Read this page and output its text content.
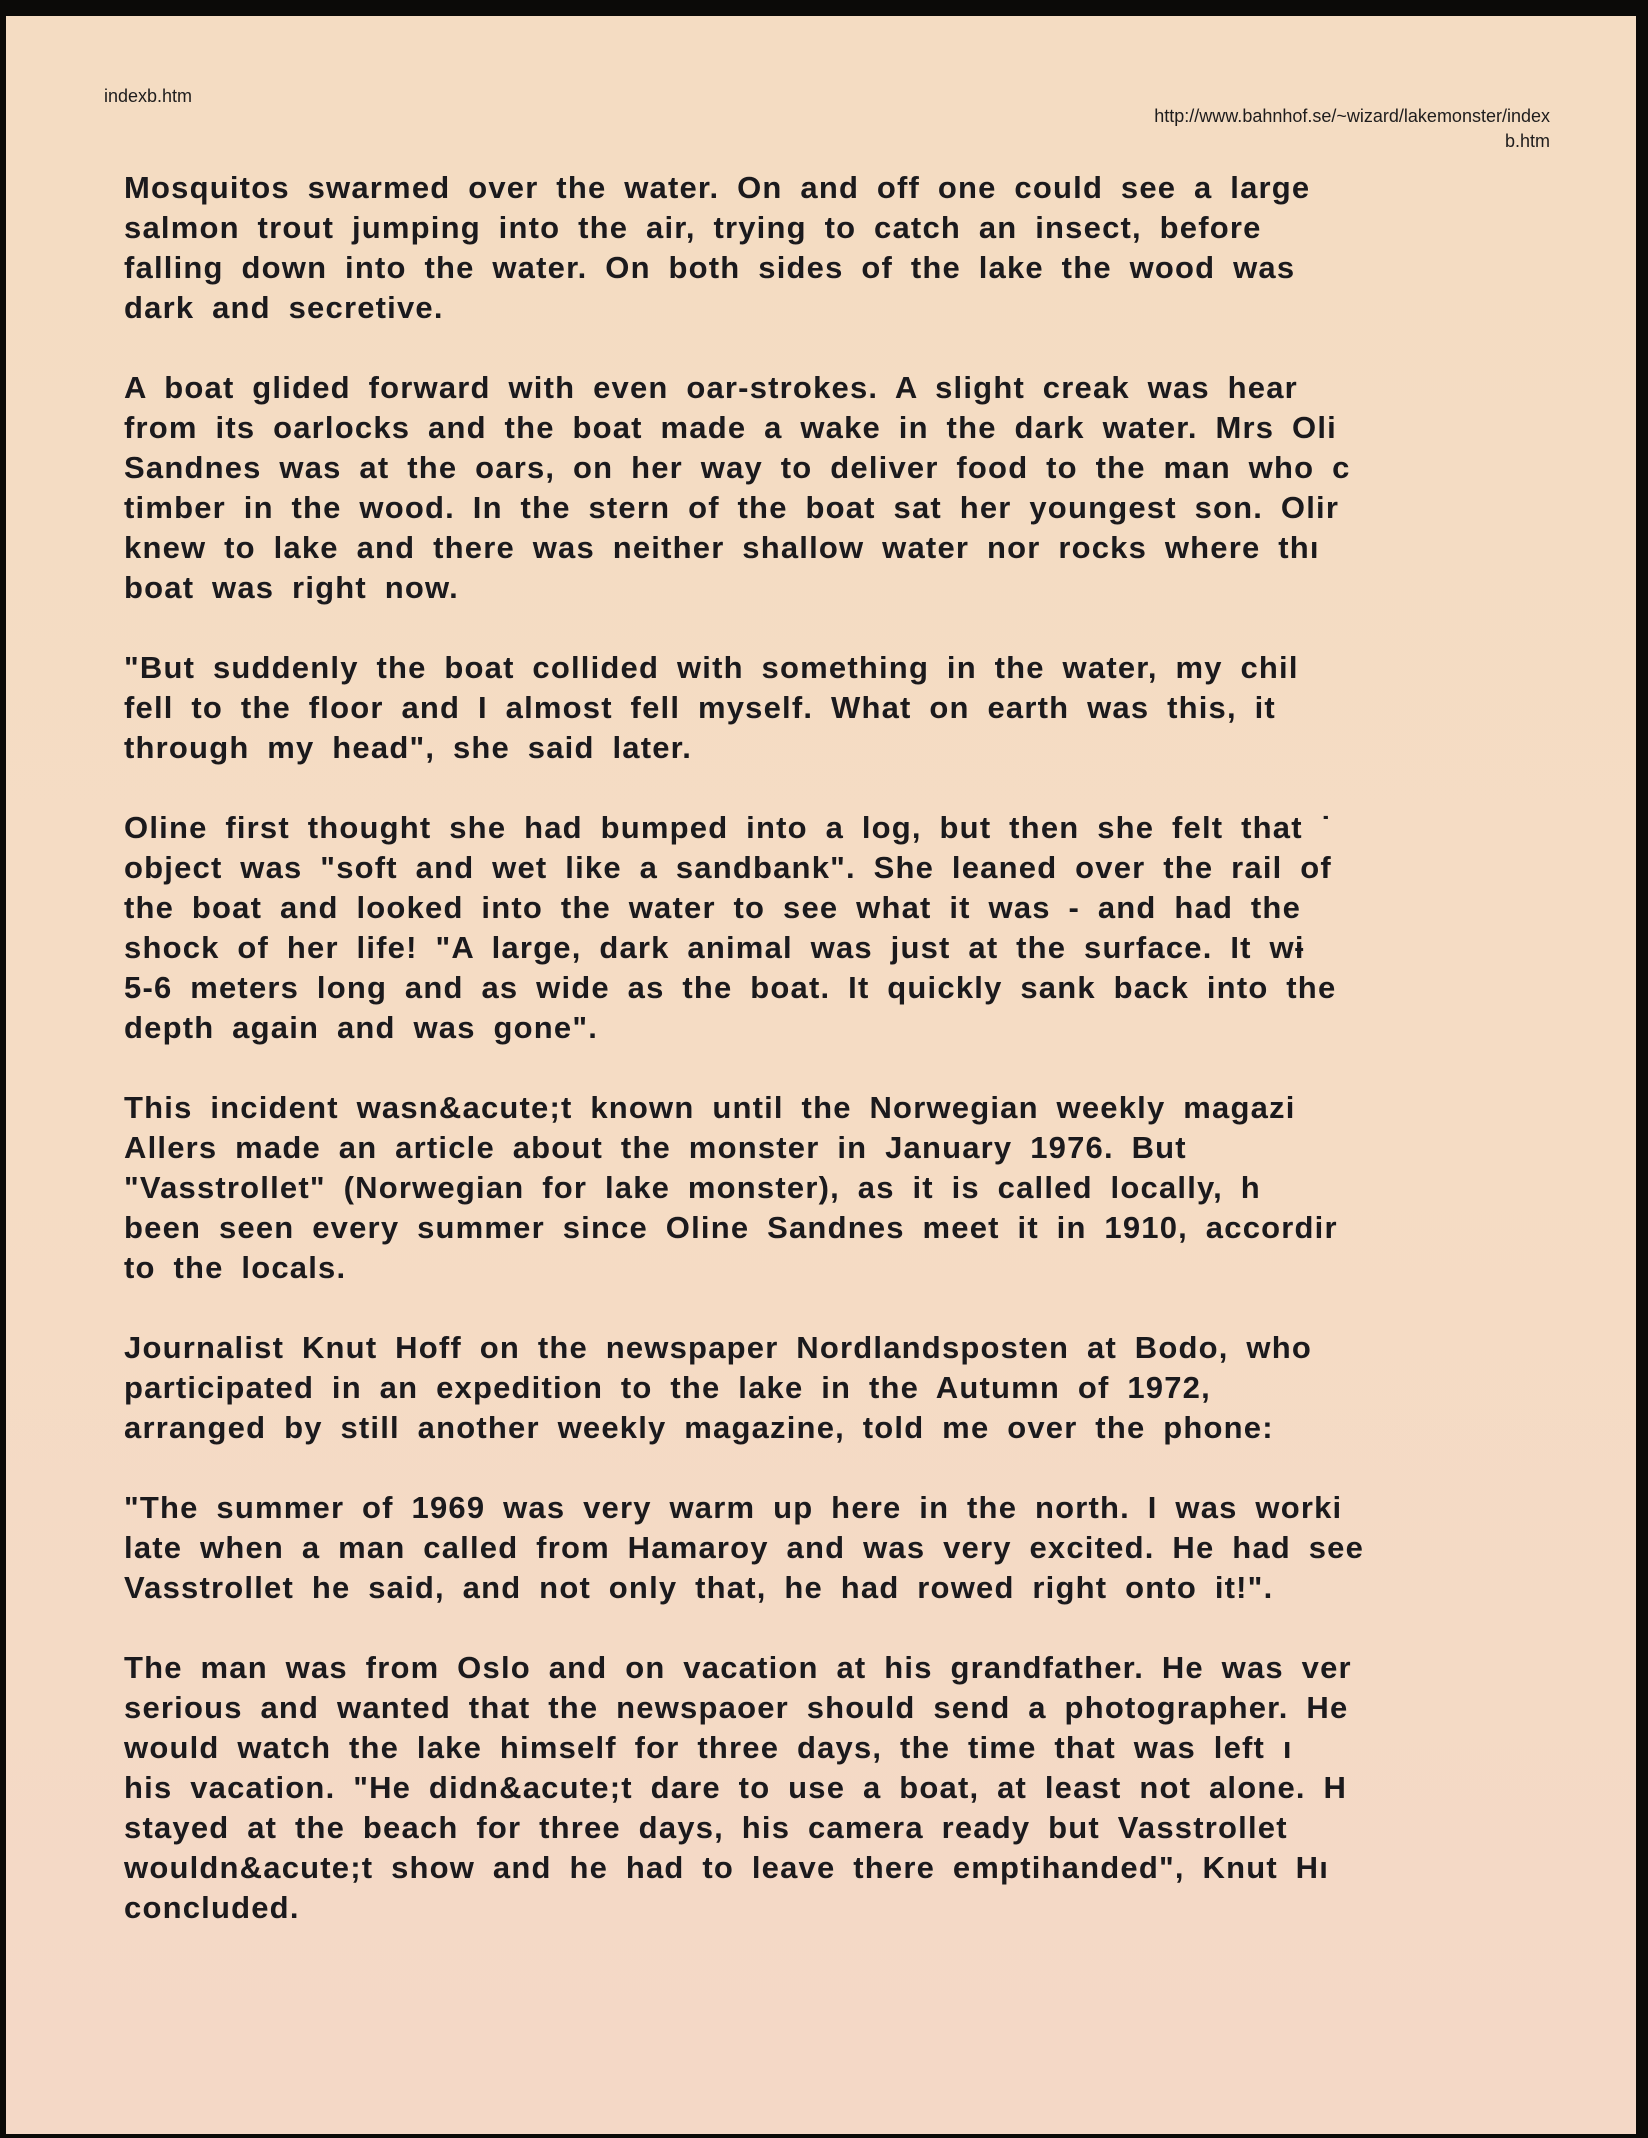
indexb.htm
http://www.bahnhof.se/~wizard/lakemonster/index
b.htm
Mosquitos swarmed over the water. On and off one could see a large
salmon trout jumping into the air, trying to catch an insect, before
falling down into the water. On both sides of the lake the wood was
dark and secretive.
A boat glided forward with even oar-strokes. A slight creak was hear
from its oarlocks and the boat made a wake in the dark water. Mrs Oli
Sandnes was at the oars, on her way to deliver food to the man who c
timber in the wood. In the stern of the boat sat her youngest son. Olir
knew to lake and there was neither shallow water nor rocks where thı
boat was right now.
"But suddenly the boat collided with something in the water, my chil
fell to the floor and I almost fell myself. What on earth was this, it
through my head", she said later.
Oline first thought she had bumped into a log, but then she felt that ˙
object was "soft and wet like a sandbank". She leaned over the rail of
the boat and looked into the water to see what it was - and had the
shock of her life! "A large, dark animal was just at the surface. It wɨ
5-6 meters long and as wide as the boat. It quickly sank back into the
depth again and was gone".
This incident wasn&acute;t known until the Norwegian weekly magazi
Allers made an article about the monster in January 1976. But
"Vasstrollet" (Norwegian for lake monster), as it is called locally, h
been seen every summer since Oline Sandnes meet it in 1910, accordir
to the locals.
Journalist Knut Hoff on the newspaper Nordlandsposten at Bodo, who
participated in an expedition to the lake in the Autumn of 1972,
arranged by still another weekly magazine, told me over the phone:
"The summer of 1969 was very warm up here in the north. I was worki
late when a man called from Hamaroy and was very excited. He had see
Vasstrollet he said, and not only that, he had rowed right onto it!".
The man was from Oslo and on vacation at his grandfather. He was ver
serious and wanted that the newspaoer should send a photographer. He
would watch the lake himself for three days, the time that was left ı
his vacation. "He didn&acute;t dare to use a boat, at least not alone. H
stayed at the beach for three days, his camera ready but Vasstrollet
wouldn&acute;t show and he had to leave there emptihanded", Knut Hı
concluded.
